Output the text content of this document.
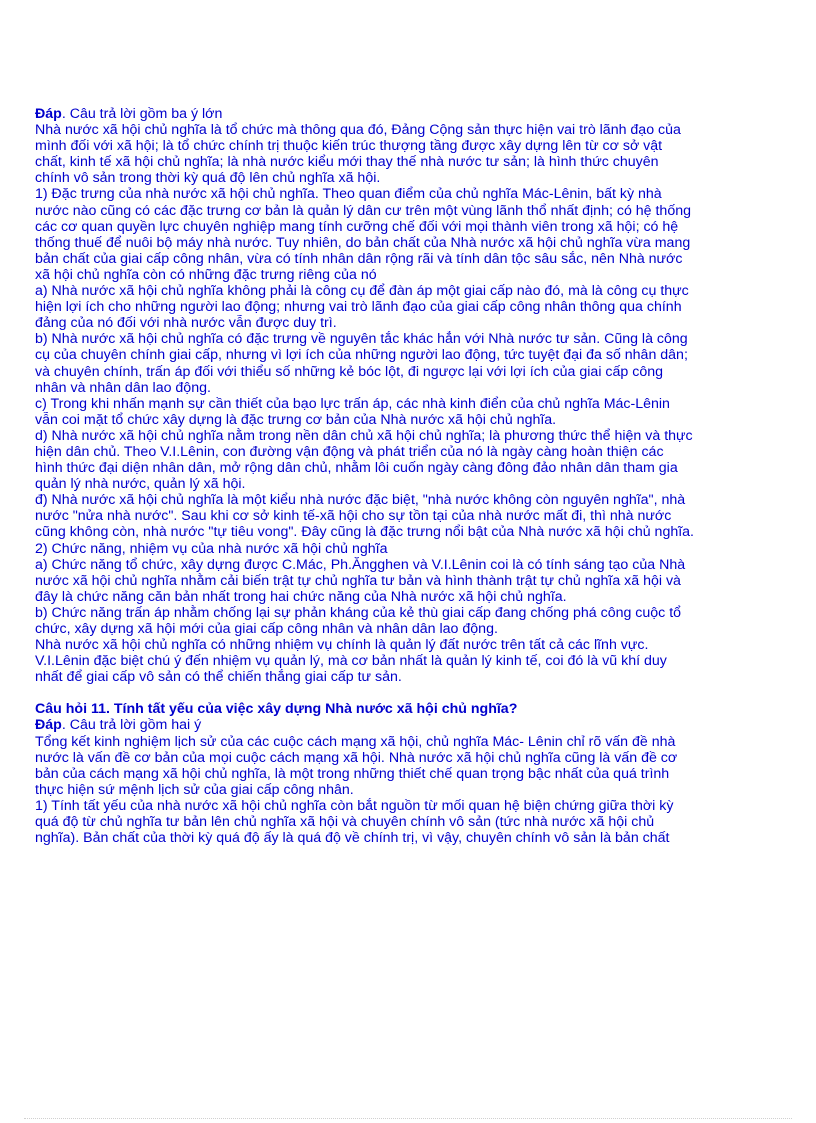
Đáp. Câu trả lời gồm ba ý lớn
Nhà nước xã hội chủ nghĩa là tổ chức mà thông qua đó, Đảng Cộng sản thực hiện vai trò lãnh đạo của
mình đối với xã hội; là tổ chức chính trị thuộc kiến trúc thượng tầng được xây dựng lên từ cơ sở vật
chất, kinh tế xã hội chủ nghĩa; là nhà nước kiểu mới thay thế nhà nước tư sản; là hình thức chuyên
chính vô sản trong thời kỳ quá độ lên chủ nghĩa xã hội.
1) Đặc trưng của nhà nước xã hội chủ nghĩa. Theo quan điểm của chủ nghĩa Mác-Lênin, bất kỳ nhà
nước nào cũng có các đặc trưng cơ bản là quản lý dân cư trên một vùng lãnh thổ nhất định; có hệ thống
các cơ quan quyền lực chuyên nghiệp mang tính cưỡng chế đối với mọi thành viên trong xã hội; có hệ
thống thuế để nuôi bộ máy nhà nước. Tuy nhiên, do bản chất của Nhà nước xã hội chủ nghĩa vừa mang
bản chất của giai cấp công nhân, vừa có tính nhân dân rộng rãi và tính dân tộc sâu sắc, nên Nhà nước
xã hội chủ nghĩa còn có những đặc trưng riêng của nó
a) Nhà nước xã hội chủ nghĩa không phải là công cụ để đàn áp một giai cấp nào đó, mà là công cụ thực
hiện lợi ích cho những người lao động; nhưng vai trò lãnh đạo của giai cấp công nhân thông qua chính
đảng của nó đối với nhà nước vẫn được duy trì.
b) Nhà nước xã hội chủ nghĩa có đặc trưng về nguyên tắc khác hẳn với Nhà nước tư sản. Cũng là công
cụ của chuyên chính giai cấp, nhưng vì lợi ích của những người lao động, tức tuyệt đại đa số nhân dân;
và chuyên chính, trấn áp đối với thiểu số những kẻ bóc lột, đi ngược lại với lợi ích của giai cấp công
nhân và nhân dân lao động.
c) Trong khi nhấn mạnh sự cần thiết của bạo lực trấn áp, các nhà kinh điển của chủ nghĩa Mác-Lênin
vẫn coi mặt tổ chức xây dựng là đặc trưng cơ bản của Nhà nước xã hội chủ nghĩa.
d) Nhà nước xã hội chủ nghĩa nằm trong nền dân chủ xã hội chủ nghĩa; là phương thức thể hiện và thực
hiện dân chủ. Theo V.I.Lênin, con đường vận động và phát triển của nó là ngày càng hoàn thiện các
hình thức đại diện nhân dân, mở rộng dân chủ, nhằm lôi cuốn ngày càng đông đảo nhân dân tham gia
quản lý nhà nước, quản lý xã hội.
đ) Nhà nước xã hội chủ nghĩa là một kiểu nhà nước đặc biệt, "nhà nước không còn nguyên nghĩa", nhà
nước "nửa nhà nước". Sau khi cơ sở kinh tế-xã hội cho sự tồn tại của nhà nước mất đi, thì nhà nước
cũng không còn, nhà nước "tự tiêu vong". Đây cũng là đặc trưng nổi bật của Nhà nước xã hội chủ nghĩa.
2) Chức năng, nhiệm vụ của nhà nước xã hội chủ nghĩa
a) Chức năng tổ chức, xây dựng được C.Mác, Ph.Ăngghen và V.I.Lênin coi là có tính sáng tạo của Nhà
nước xã hội chủ nghĩa nhằm cải biến trật tự chủ nghĩa tư bản và hình thành trật tự chủ nghĩa xã hội và
đây là chức năng căn bản nhất trong hai chức năng của Nhà nước xã hội chủ nghĩa.
b) Chức năng trấn áp nhằm chống lại sự phản kháng của kẻ thù giai cấp đang chống phá công cuộc tổ
chức, xây dựng xã hội mới của giai cấp công nhân và nhân dân lao động.
Nhà nước xã hội chủ nghĩa có những nhiệm vụ chính là quản lý đất nước trên tất cả các lĩnh vực.
V.I.Lênin đặc biệt chú ý đến nhiệm vụ quản lý, mà cơ bản nhất là quản lý kinh tế, coi đó là vũ khí duy
nhất để giai cấp vô sản có thể chiến thắng giai cấp tư sản.
Câu hỏi 11. Tính tất yếu của việc xây dựng Nhà nước xã hội chủ nghĩa?
Đáp. Câu trả lời gồm hai ý
Tổng kết kinh nghiệm lịch sử của các cuộc cách mạng xã hội, chủ nghĩa Mác- Lênin chỉ rõ vấn đề nhà
nước là vấn đề cơ bản của mọi cuộc cách mạng xã hội. Nhà nước xã hội chủ nghĩa cũng là vấn đề cơ
bản của cách mạng xã hội chủ nghĩa, là một trong những thiết chế quan trọng bậc nhất của quá trình
thực hiện sứ mệnh lịch sử của giai cấp công nhân.
1) Tính tất yếu của nhà nước xã hội chủ nghĩa còn bắt nguồn từ mối quan hệ biện chứng giữa thời kỳ
quá độ từ chủ nghĩa tư bản lên chủ nghĩa xã hội và chuyên chính vô sản (tức nhà nước xã hội chủ
nghĩa). Bản chất của thời kỳ quá độ ấy là quá độ về chính trị, vì vậy, chuyên chính vô sản là bản chất
